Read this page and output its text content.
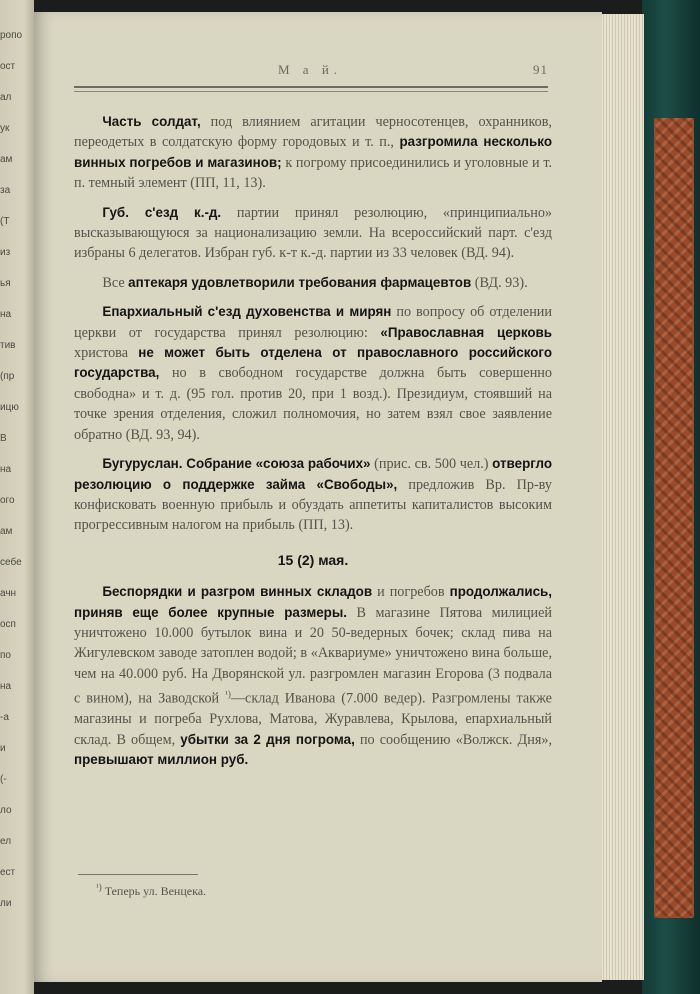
ропо
ост
ал
ук
ам
за
(Т
из
ья
на
тив
(пр
ицю
В
на
ого
ам
себе
ачн
осп
по
на
-а
и
(-
ло
ел
ест
ли
М а й.	91

Часть солдат, под влиянием агитации черносотенцев, охранников, переодетых в солдатскую форму городовых и т. п., разгромила несколько винных погребов и магазинов; к погрому присоединились и уголовные и т. п. темный элемент (ПП, 11, 13).

Губ. с'езд к.-д. партии принял резолюцию, «принципиально» высказывающуюся за национализацию земли. На всероссийский парт. с'езд избраны 6 делегатов. Избран губ. к-т к.-д. партии из 33 человек (ВД. 94).

Все аптекаря удовлетворили требования фармацевтов (ВД. 93).

Епархиальный с'езд духовенства и мирян по вопросу об отделении церкви от государства принял резолюцию: «Православная церковь христова не может быть отделена от православного российского государства, но в свободном государстве должна быть совершенно свободна» и т. д. (95 гол. против 20, при 1 возд.). Президиум, стоявший на точке зрения отделения, сложил полномочия, но затем взял свое заявление обратно (ВД. 93, 94).

Бугуруслан. Собрание «союза рабочих» (прис. св. 500 чел.) отвергло резолюцию о поддержке займа «Свободы», предложив Вр. Пр-ву конфисковать военную прибыль и обуздать аппетиты капиталистов высоким прогрессивным налогом на прибыль (ПП, 13).

15 (2) мая.

Беспорядки и разгром винных складов и погребов продолжались, приняв еще более крупные размеры. В магазине Пятова милицией уничтожено 10.000 бутылок вина и 20 50-ведерных бочек; склад пива на Жигулевском заводе затоплен водой; в «Аквариуме» уничтожено вина больше, чем на 40.000 руб. На Дворянской ул. разгромлен магазин Егорова (3 подвала с вином), на Заводской $^{^1)}$—склад Иванова (7.000 ведер). Разгромлены также магазины и погреба Рухлова, Матова, Журавлева, Крылова, епархиальный склад. В общем, убытки за 2 дня погрома, по сообщению «Волжск. Дня», превышают миллион руб.

$^{^1)}$ Теперь ул. Венцека.
